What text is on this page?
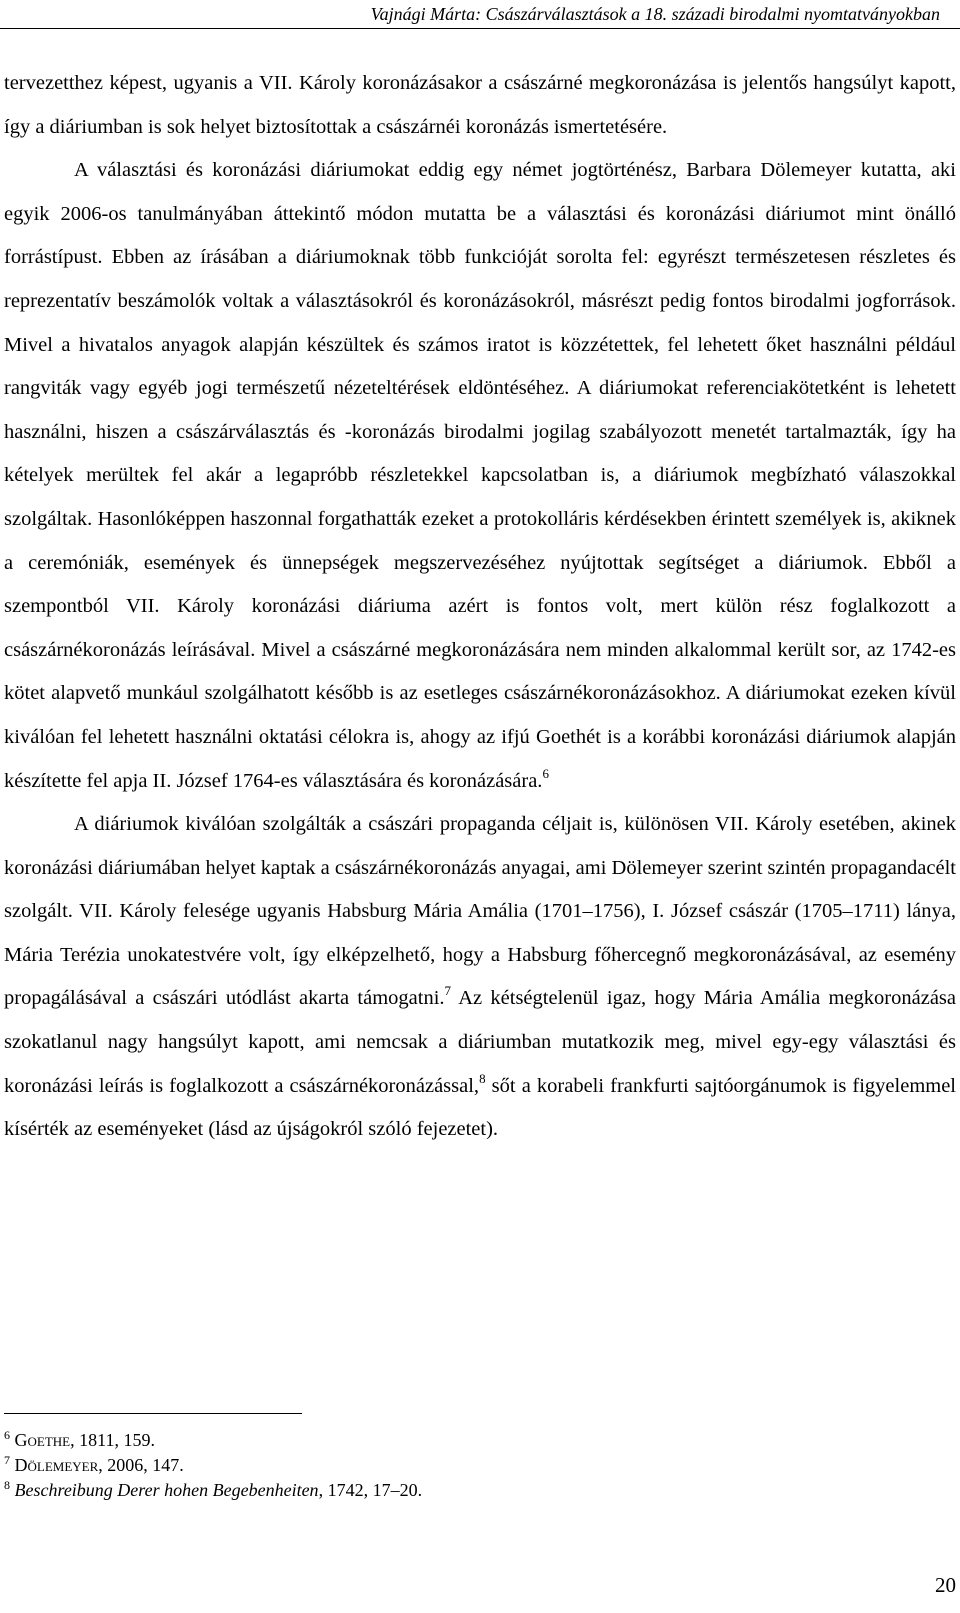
Vajnági Márta: Császárválasztások a 18. századi birodalmi nyomtatványokban

tervezetthez képest, ugyanis a VII. Károly koronázásakor a császárné megkoronázása is jelentős hangsúlyt kapott, így a diáriumban is sok helyet biztosítottak a császárnéi koronázás ismertetésére.

A választási és koronázási diáriumokat eddig egy német jogtörténész, Barbara Dölemeyer kutatta, aki egyik 2006-os tanulmányában áttekintő módon mutatta be a választási és koronázási diáriumot mint önálló forrástípust. Ebben az írásában a diáriumoknak több funkcióját sorolta fel: egyrészt természetesen részletes és reprezentatív beszámolók voltak a választásokról és koronázásokról, másrészt pedig fontos birodalmi jogforrások. Mivel a hivatalos anyagok alapján készültek és számos iratot is közzétettek, fel lehetett őket használni például rangviták vagy egyéb jogi természetű nézeteltérések eldöntéséhez. A diáriumokat referenciakötetként is lehetett használni, hiszen a császárválasztás és -koronázás birodalmi jogilag szabályozott menetét tartalmazták, így ha kételyek merültek fel akár a legapróbb részletekkel kapcsolatban is, a diáriumok megbízható válaszokkal szolgáltak. Hasonlóképpen haszonnal forgathatták ezeket a protokolláris kérdésekben érintett személyek is, akiknek a ceremóniák, események és ünnepségek megszervezéséhez nyújtottak segítséget a diáriumok. Ebből a szempontból VII. Károly koronázási diáriuma azért is fontos volt, mert külön rész foglalkozott a császárnékoronázás leírásával. Mivel a császárné megkoronázására nem minden alkalommal került sor, az 1742-es kötet alapvető munkául szolgálhatott később is az esetleges császárnékoronázásokhoz. A diáriumokat ezeken kívül kiválóan fel lehetett használni oktatási célokra is, ahogy az ifjú Goethét is a korábbi koronázási diáriumok alapján készítette fel apja II. József 1764-es választására és koronázására.$^6$

A diáriumok kiválóan szolgálták a császári propaganda céljait is, különösen VII. Károly esetében, akinek koronázási diáriumában helyet kaptak a császárnékoronázás anyagai, ami Dölemeyer szerint szintén propagandacélt szolgált. VII. Károly felesége ugyanis Habsburg Mária Amália (1701–1756), I. József császár (1705–1711) lánya, Mária Terézia unokatestvére volt, így elképzelhető, hogy a Habsburg főhercegnő megkoronázásával, az esemény propagálásával a császári utódlást akarta támogatni.$^7$ Az kétségtelenül igaz, hogy Mária Amália megkoronázása szokatlanul nagy hangsúlyt kapott, ami nemcsak a diáriumban mutatkozik meg, mivel egy-egy választási és koronázási leírás is foglalkozott a császárnékoronázással,$^8$ sőt a korabeli frankfurti sajtóorgánumok is figyelemmel kísérték az eseményeket (lásd az újságokról szóló fejezetet).

$^6$ Goethe, 1811, 159.
$^7$ Dölemeyer, 2006, 147.
$^8$ Beschreibung Derer hohen Begebenheiten, 1742, 17–20.
20
